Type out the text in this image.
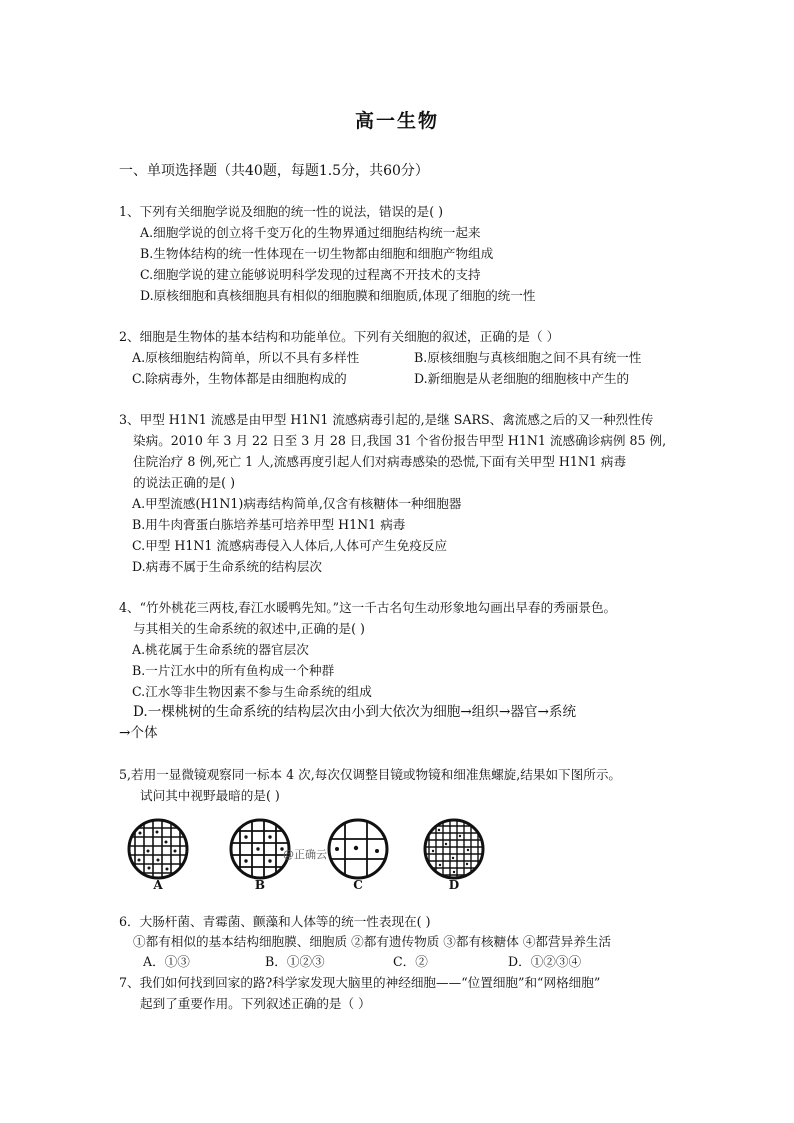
高一生物
一、单项选择题（共40题，每题1.5分，共60分）
1、下列有关细胞学说及细胞的统一性的说法，错误的是( )
A.细胞学说的创立将千变万化的生物界通过细胞结构统一起来
B.生物体结构的统一性体现在一切生物都由细胞和细胞产物组成
C.细胞学说的建立能够说明科学发现的过程离不开技术的支持
D.原核细胞和真核细胞具有相似的细胞膜和细胞质,体现了细胞的统一性
2、细胞是生物体的基本结构和功能单位。下列有关细胞的叙述，正确的是（ ）
A.原核细胞结构简单，所以不具有多样性	B.原核细胞与真核细胞之间不具有统一性
C.除病毒外，生物体都是由细胞构成的	D.新细胞是从老细胞的细胞核中产生的
3、甲型 H1N1 流感是由甲型 H1N1 流感病毒引起的,是继 SARS、禽流感之后的又一种烈性传
染病。2010 年 3 月 22 日至 3 月 28 日,我国 31 个省份报告甲型 H1N1 流感确诊病例 85 例,
住院治疗 8 例,死亡 1 人,流感再度引起人们对病毒感染的恐慌,下面有关甲型 H1N1 病毒
的说法正确的是( )
A.甲型流感(H1N1)病毒结构简单,仅含有核糖体一种细胞器
B.用牛肉膏蛋白胨培养基可培养甲型 H1N1 病毒
C.甲型 H1N1 流感病毒侵入人体后,人体可产生免疫反应
D.病毒不属于生命系统的结构层次
4、“竹外桃花三两枝,春江水暖鸭先知。”这一千古名句生动形象地勾画出早春的秀丽景色。
与其相关的生命系统的叙述中,正确的是( )
A.桃花属于生命系统的器官层次
B.一片江水中的所有鱼构成一个种群
C.江水等非生物因素不参与生命系统的组成
D.一棵桃树的生命系统的结构层次由小到大依次为细胞→组织→器官→系统
→个体
5,若用一显微镜观察同一标本 4 次,每次仅调整目镜或物镜和细准焦螺旋,结果如下图所示。
试问其中视野最暗的是( )
A	B	C	D
@正确云
6．大肠杆菌、青霉菌、颤藻和人体等的统一性表现在( )
①都有相似的基本结构细胞膜、细胞质 ②都有遗传物质 ③都有核糖体 ④都营异养生活
A．①③	B．①②③	C．②	D．①②③④
7、我们如何找到回家的路?科学家发现大脑里的神经细胞——“位置细胞”和“网格细胞”
起到了重要作用。下列叙述正确的是（ ）
